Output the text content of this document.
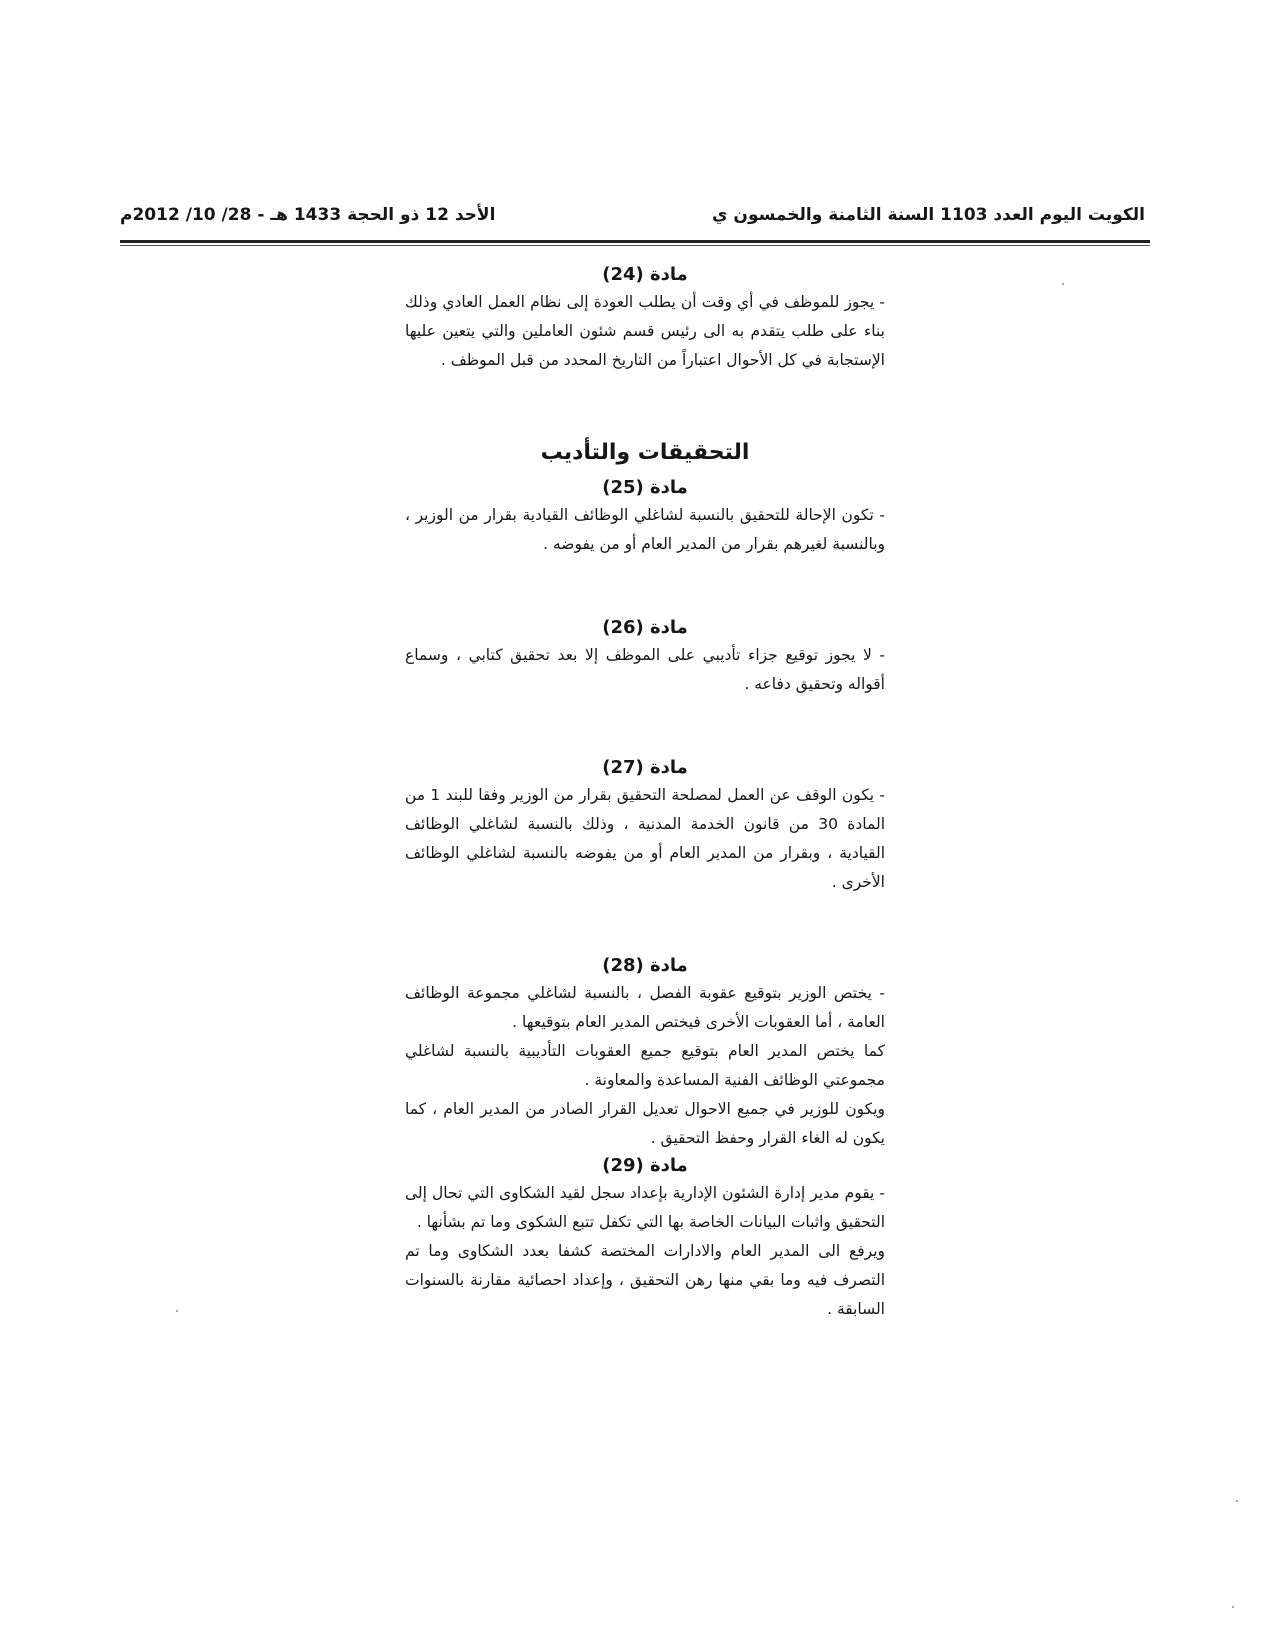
الكويت اليوم العدد 1103 السنة الثامنة والخمسون ي
الأحد 12 ذو الحجة 1433 هـ - 28/ 10/ 2012م

مادة (24)

- يجوز للموظف في أي وقت أن يطلب العودة إلى نظام العمل العادي وذلك بناء على طلب يتقدم به الى رئيس قسم شئون العاملين والتي يتعين عليها الإستجابة في كل الأحوال اعتباراً من التاريخ المحدد من قبل الموظف .

التحقيقات والتأديب

مادة (25)

- تكون الإحالة للتحقيق بالنسبة لشاغلي الوظائف القيادية بقرار من الوزير ، وبالنسبة لغيرهم بقرار من المدير العام أو من يفوضه .

مادة (26)

- لا يجوز توقيع جزاء تأديبي على الموظف إلا بعد تحقيق كتابي ، وسماع أقواله وتحقيق دفاعه .

مادة (27)

- يكون الوقف عن العمل لمصلحة التحقيق بقرار من الوزير وفقا للبند 1 من المادة 30 من قانون الخدمة المدنية ، وذلك بالنسبة لشاغلي الوظائف القيادية ، وبقرار من المدير العام أو من يفوضه بالنسبة لشاغلي الوظائف الأخرى .

مادة (28)

- يختص الوزير بتوقيع عقوبة الفصل ، بالنسبة لشاغلي مجموعة الوظائف العامة ، أما العقوبات الأخرى فيختص المدير العام بتوقيعها .

كما يختص المدير العام بتوقيع جميع العقوبات التأديبية بالنسبة لشاغلي مجموعتي الوظائف الفنية المساعدة والمعاونة .

ويكون للوزير في جميع الاحوال تعديل القرار الصادر من المدير العام ، كما يكون له الغاء القرار وحفظ التحقيق .

مادة (29)

- يقوم مدير إدارة الشئون الإدارية بإعداد سجل لقيد الشكاوى التي تحال إلى التحقيق واثبات البيانات الخاصة بها التي تكفل تتبع الشكوى وما تم بشأنها .

ويرفع الى المدير العام والادارات المختصة كشفا بعدد الشكاوى وما تم التصرف فيه وما بقي منها رهن التحقيق ، وإعداد احصائية مقارنة بالسنوات السابقة .
